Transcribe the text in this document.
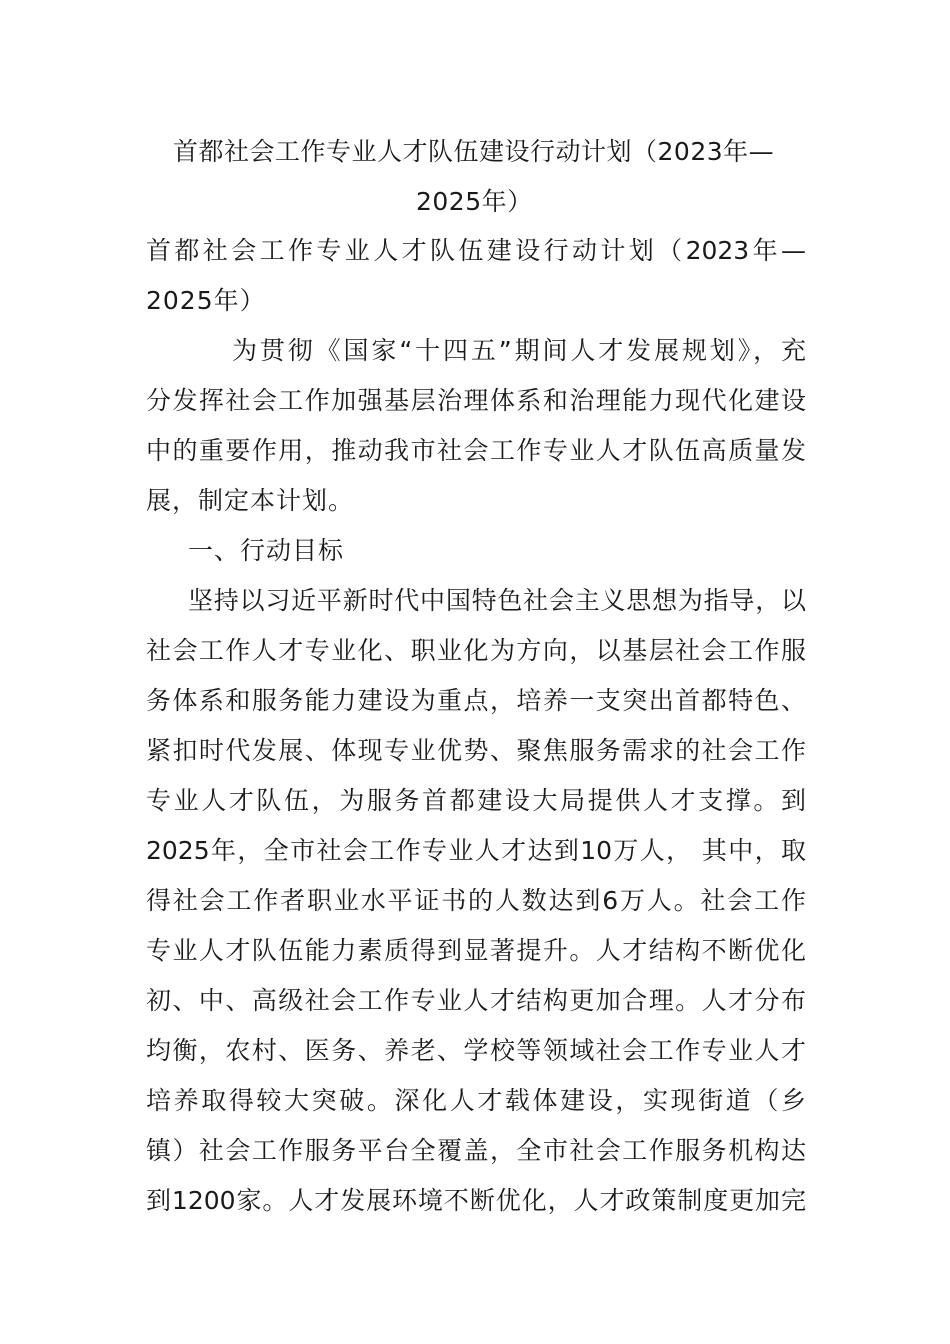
首都社会工作专业人才队伍建设行动计划（2023年—
2025年）
首都社会工作专业人才队伍建设行动计划（2023年—
2025年）
为贯彻《国家“十四五”期间人才发展规划》，充
分发挥社会工作加强基层治理体系和治理能力现代化建设
中的重要作用，推动我市社会工作专业人才队伍高质量发
展，制定本计划。
一、行动目标
坚持以习近平新时代中国特色社会主义思想为指导，以
社会工作人才专业化、职业化为方向，以基层社会工作服
务体系和服务能力建设为重点，培养一支突出首都特色、
紧扣时代发展、体现专业优势、聚焦服务需求的社会工作
专业人才队伍，为服务首都建设大局提供人才支撑。到
2025年，全市社会工作专业人才达到10万人， 其中，取
得社会工作者职业水平证书的人数达到6万人。社会工作
专业人才队伍能力素质得到显著提升。人才结构不断优化
初、中、高级社会工作专业人才结构更加合理。人才分布
均衡，农村、医务、养老、学校等领域社会工作专业人才
培养取得较大突破。深化人才载体建设，实现街道（乡
镇）社会工作服务平台全覆盖，全市社会工作服务机构达
到1200家。人才发展环境不断优化，人才政策制度更加完
